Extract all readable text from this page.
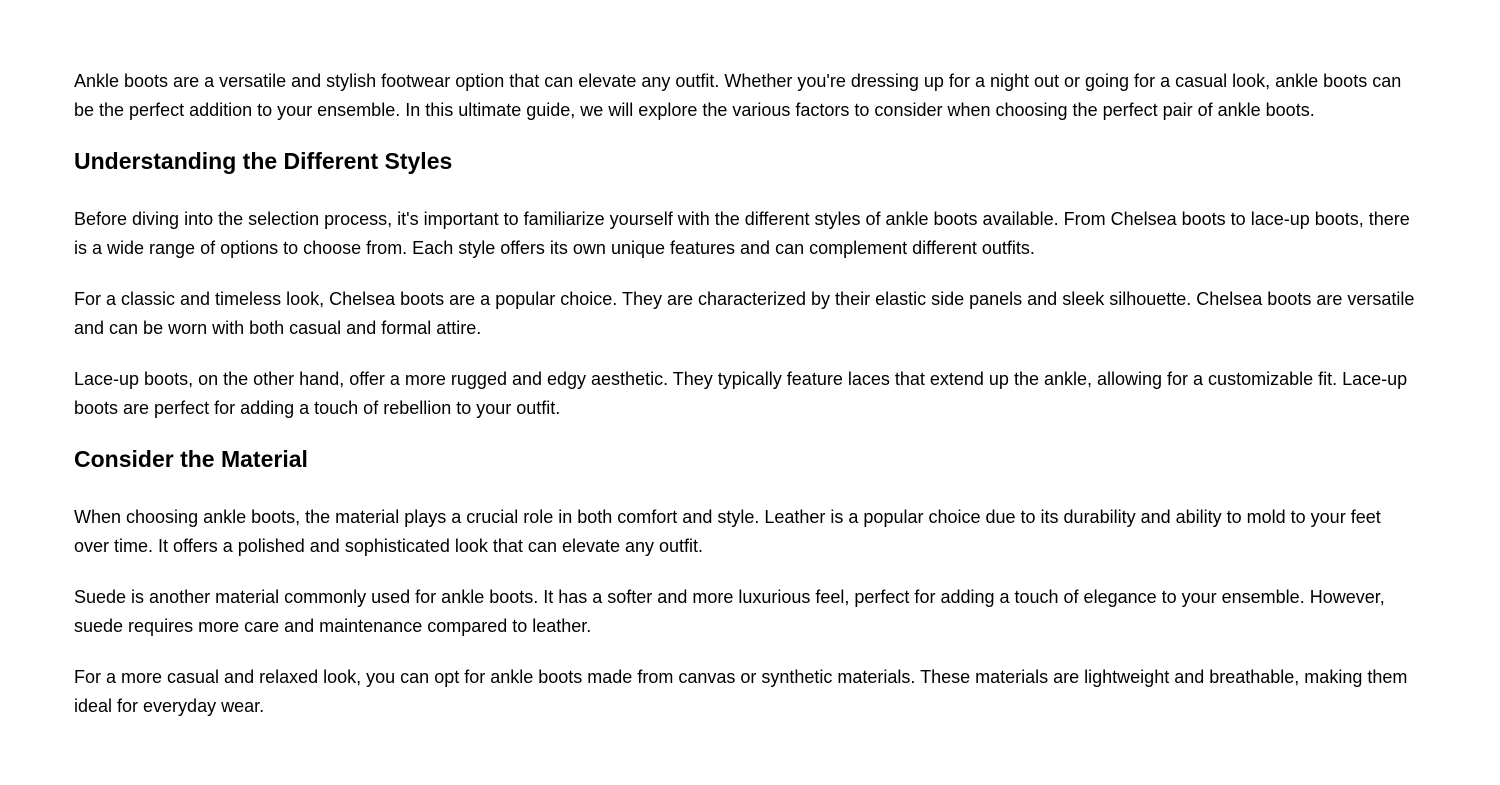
Ankle boots are a versatile and stylish footwear option that can elevate any outfit. Whether you're dressing up for a night out or going for a casual look, ankle boots can be the perfect addition to your ensemble. In this ultimate guide, we will explore the various factors to consider when choosing the perfect pair of ankle boots.

Understanding the Different Styles

Before diving into the selection process, it's important to familiarize yourself with the different styles of ankle boots available. From Chelsea boots to lace-up boots, there is a wide range of options to choose from. Each style offers its own unique features and can complement different outfits.

For a classic and timeless look, Chelsea boots are a popular choice. They are characterized by their elastic side panels and sleek silhouette. Chelsea boots are versatile and can be worn with both casual and formal attire.

Lace-up boots, on the other hand, offer a more rugged and edgy aesthetic. They typically feature laces that extend up the ankle, allowing for a customizable fit. Lace-up boots are perfect for adding a touch of rebellion to your outfit.

Consider the Material

When choosing ankle boots, the material plays a crucial role in both comfort and style. Leather is a popular choice due to its durability and ability to mold to your feet over time. It offers a polished and sophisticated look that can elevate any outfit.

Suede is another material commonly used for ankle boots. It has a softer and more luxurious feel, perfect for adding a touch of elegance to your ensemble. However, suede requires more care and maintenance compared to leather.

For a more casual and relaxed look, you can opt for ankle boots made from canvas or synthetic materials. These materials are lightweight and breathable, making them ideal for everyday wear.
